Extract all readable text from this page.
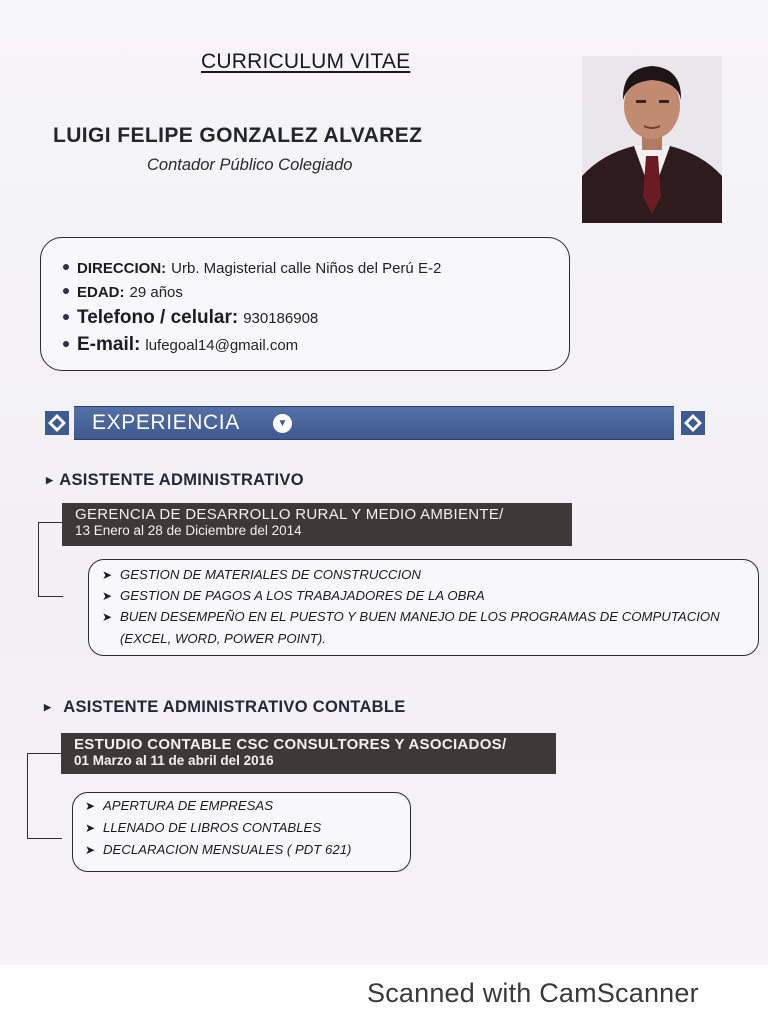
CURRICULUM VITAE
LUIGI FELIPE GONZALEZ ALVAREZ
Contador Público Colegiado
DIRECCION: Urb. Magisterial calle Niños del Perú E-2
EDAD: 29 años
Telefono / celular: 930186908
E-mail: lufegoal14@gmail.com
EXPERIENCIA	▼
▶ ASISTENTE ADMINISTRATIVO
GERENCIA DE DESARROLLO RURAL Y MEDIO AMBIENTE/
13 Enero al 28 de Diciembre del 2014
➤ GESTION DE MATERIALES DE CONSTRUCCION
➤ GESTION DE PAGOS A LOS TRABAJADORES DE LA OBRA
➤ BUEN DESEMPEÑO EN EL PUESTO Y BUEN MANEJO DE LOS PROGRAMAS DE COMPUTACION
(EXCEL, WORD, POWER POINT).
▶ ASISTENTE ADMINISTRATIVO CONTABLE
ESTUDIO CONTABLE CSC CONSULTORES Y ASOCIADOS/
01 Marzo al 11 de abril del 2016
➤ APERTURA DE EMPRESAS
➤ LLENADO DE LIBROS CONTABLES
➤ DECLARACION MENSUALES ( PDT 621)
Scanned with CamScanner
